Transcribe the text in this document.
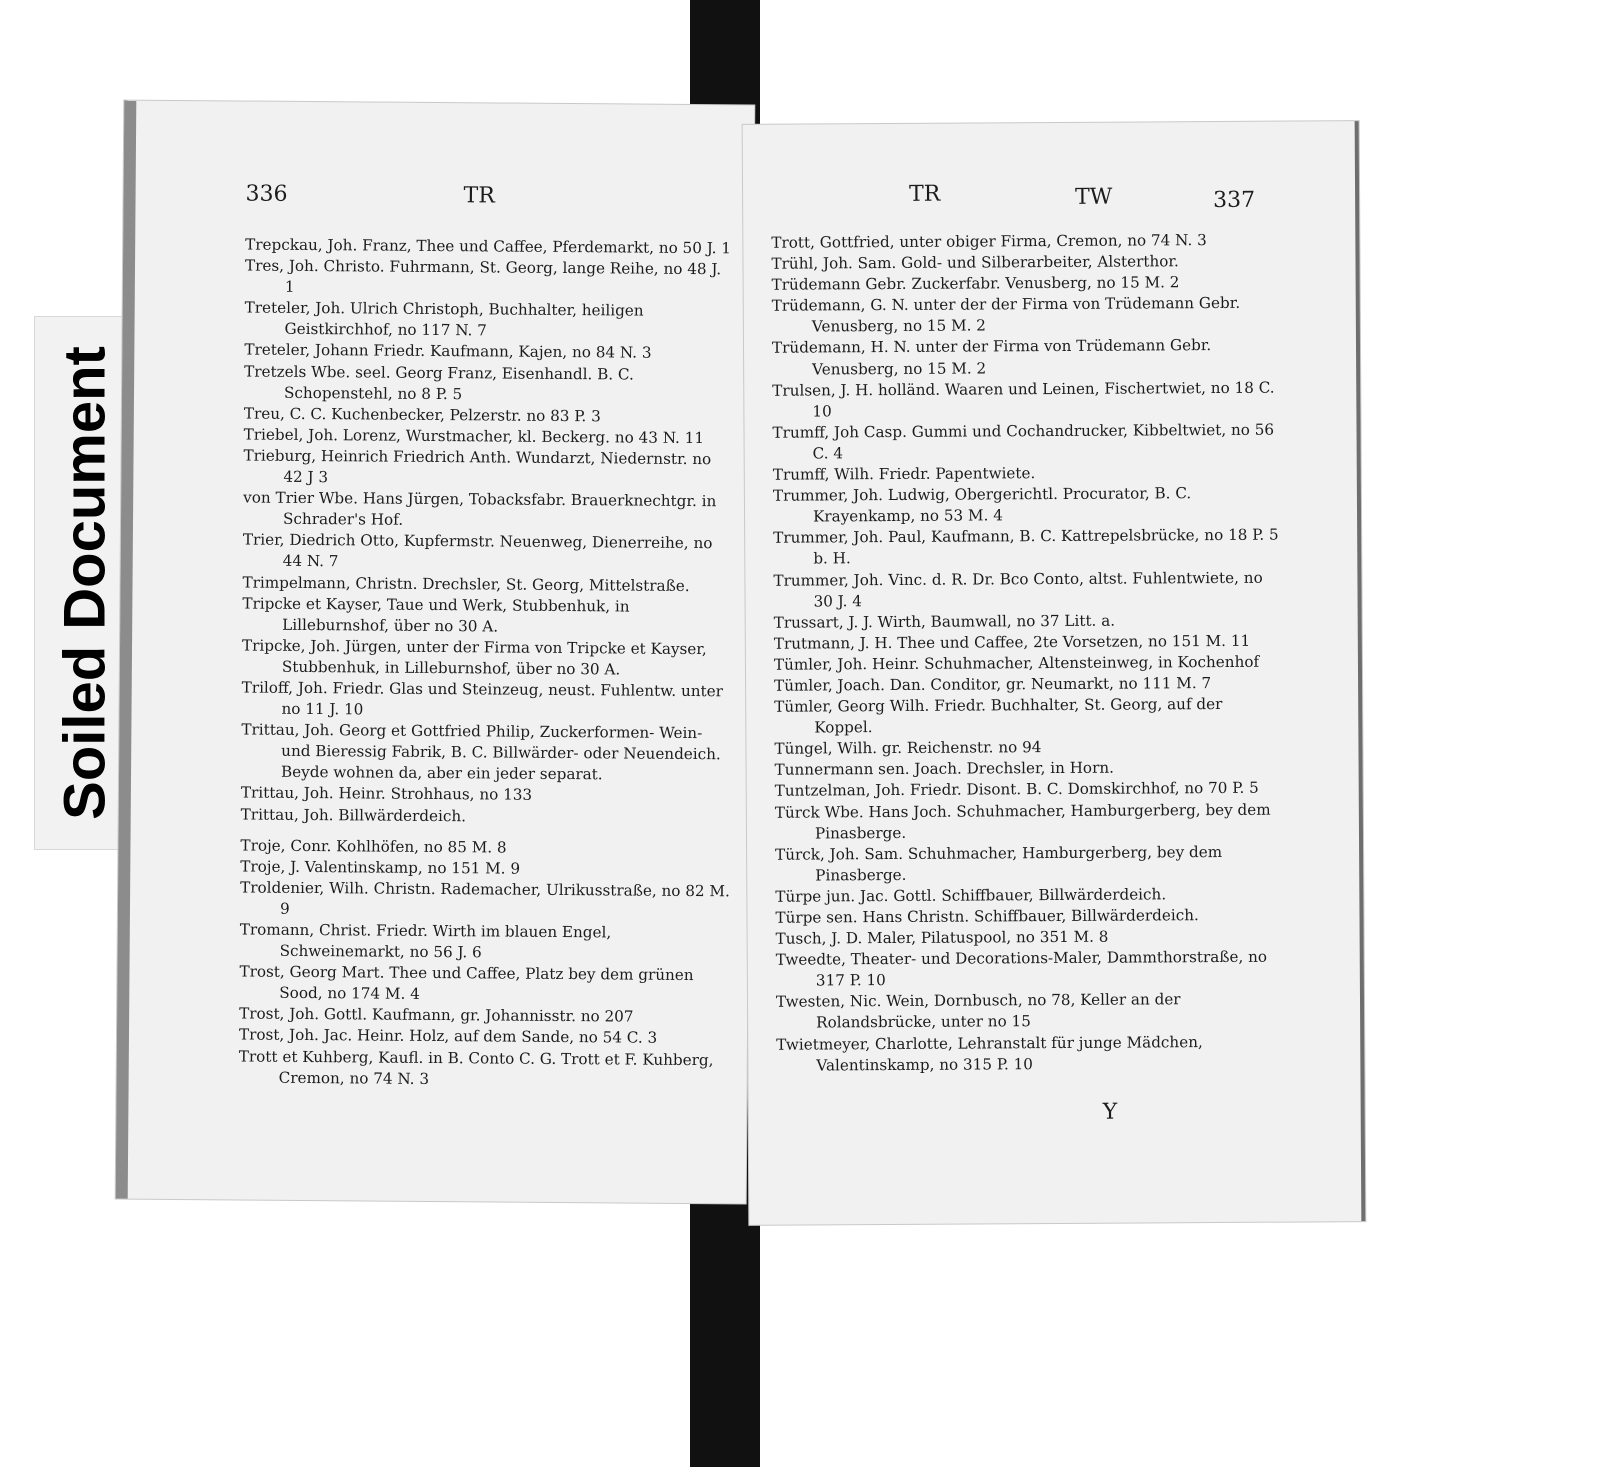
Soiled Document
336	TR

Trepckau, Joh. Franz, Thee und Caffee, Pferdemarkt, no 50 J. 1

Tres, Joh. Christo. Fuhrmann, St. Georg, lange Reihe, no 48 J. 1

Treteler, Joh. Ulrich Christoph, Buchhalter, heiligen Geistkirchhof, no 117 N. 7

Treteler, Johann Friedr. Kaufmann, Kajen, no 84 N. 3

Tretzels Wbe. seel. Georg Franz, Eisenhandl. B. C. Schopenstehl, no 8 P. 5

Treu, C. C. Kuchenbecker, Pelzerstr. no 83 P. 3

Triebel, Joh. Lorenz, Wurstmacher, kl. Beckerg. no 43 N. 11

Trieburg, Heinrich Friedrich Anth. Wundarzt, Niedernstr. no 42 J 3

von Trier Wbe. Hans Jürgen, Tobacksfabr. Brauerknechtgr. in Schrader's Hof.

Trier, Diedrich Otto, Kupfermstr. Neuenweg, Dienerreihe, no 44 N. 7

Trimpelmann, Christn. Drechsler, St. Georg, Mittelstraße.

Tripcke et Kayser, Taue und Werk, Stubbenhuk, in Lilleburnshof, über no 30 A.

Tripcke, Joh. Jürgen, unter der Firma von Tripcke et Kayser, Stubbenhuk, in Lilleburnshof, über no 30 A.

Triloff, Joh. Friedr. Glas und Steinzeug, neust. Fuhlentw. unter no 11 J. 10

Trittau, Joh. Georg et Gottfried Philip, Zuckerformen- Wein- und Bieressig Fabrik, B. C. Billwärder- oder Neuendeich. Beyde wohnen da, aber ein jeder separat.

Trittau, Joh. Heinr. Strohhaus, no 133

Trittau, Joh. Billwärderdeich.

Troje, Conr. Kohlhöfen, no 85 M. 8

Troje, J. Valentinskamp, no 151 M. 9

Troldenier, Wilh. Christn. Rademacher, Ulrikusstraße, no 82 M. 9

Tromann, Christ. Friedr. Wirth im blauen Engel, Schweinemarkt, no 56 J. 6

Trost, Georg Mart. Thee und Caffee, Platz bey dem grünen Sood, no 174 M. 4

Trost, Joh. Gottl. Kaufmann, gr. Johannisstr. no 207

Trost, Joh. Jac. Heinr. Holz, auf dem Sande, no 54 C. 3

Trott et Kuhberg, Kaufl. in B. Conto C. G. Trott et F. Kuhberg, Cremon, no 74 N. 3

TR	TW	337

Trott, Gottfried, unter obiger Firma, Cremon, no 74 N. 3

Trühl, Joh. Sam. Gold- und Silberarbeiter, Alsterthor.

Trüdemann Gebr. Zuckerfabr. Venusberg, no 15 M. 2

Trüdemann, G. N. unter der der Firma von Trüdemann Gebr. Venusberg, no 15 M. 2

Trüdemann, H. N. unter der Firma von Trüdemann Gebr. Venusberg, no 15 M. 2

Trulsen, J. H. holländ. Waaren und Leinen, Fischertwiet, no 18 C. 10

Trumff, Joh Casp. Gummi und Cochandrucker, Kibbeltwiet, no 56 C. 4

Trumff, Wilh. Friedr. Papentwiete.

Trummer, Joh. Ludwig, Obergerichtl. Procurator, B. C. Krayenkamp, no 53 M. 4

Trummer, Joh. Paul, Kaufmann, B. C. Kattrepelsbrücke, no 18 P. 5 b. H.

Trummer, Joh. Vinc. d. R. Dr. Bco Conto, altst. Fuhlentwiete, no 30 J. 4

Trussart, J. J. Wirth, Baumwall, no 37 Litt. a.

Trutmann, J. H. Thee und Caffee, 2te Vorsetzen, no 151 M. 11

Tümler, Joh. Heinr. Schuhmacher, Altensteinweg, in Kochenhof

Tümler, Joach. Dan. Conditor, gr. Neumarkt, no 111 M. 7

Tümler, Georg Wilh. Friedr. Buchhalter, St. Georg, auf der Koppel.

Tüngel, Wilh. gr. Reichenstr. no 94

Tunnermann sen. Joach. Drechsler, in Horn.

Tuntzelman, Joh. Friedr. Disont. B. C. Domskirchhof, no 70 P. 5

Türck Wbe. Hans Joch. Schuhmacher, Hamburgerberg, bey dem Pinasberge.

Türck, Joh. Sam. Schuhmacher, Hamburgerberg, bey dem Pinasberge.

Türpe jun. Jac. Gottl. Schiffbauer, Billwärderdeich.

Türpe sen. Hans Christn. Schiffbauer, Billwärderdeich.

Tusch, J. D. Maler, Pilatuspool, no 351 M. 8

Tweedte, Theater- und Decorations-Maler, Dammthorstraße, no 317 P. 10

Twesten, Nic. Wein, Dornbusch, no 78, Keller an der Rolandsbrücke, unter no 15

Twietmeyer, Charlotte, Lehranstalt für junge Mädchen, Valentinskamp, no 315 P. 10

Y
